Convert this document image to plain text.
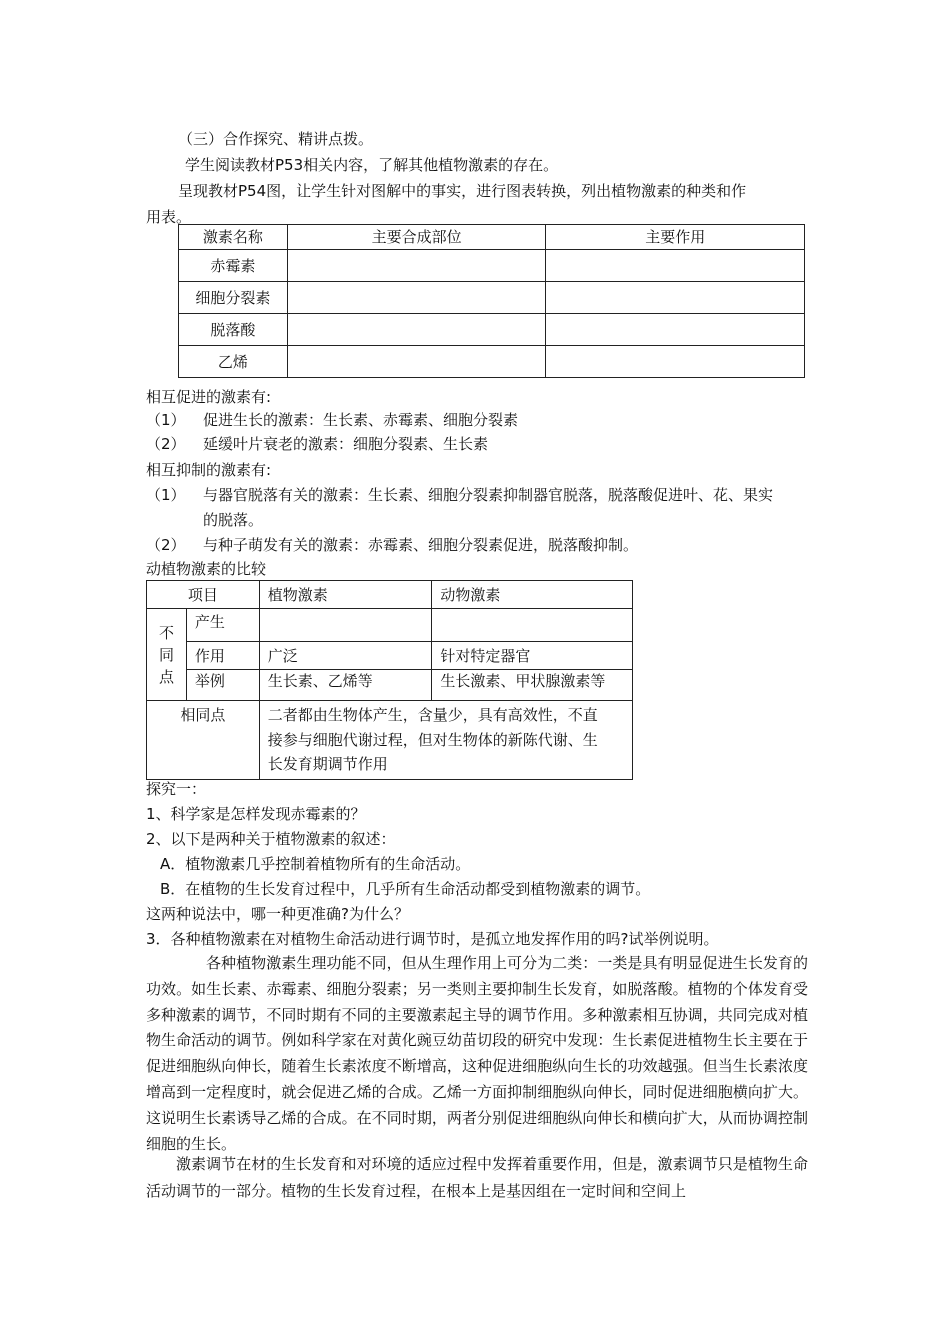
（三）合作探究、精讲点拨。
学生阅读教材P53相关内容，了解其他植物激素的存在。
呈现教材P54图，让学生针对图解中的事实，进行图表转换，列出植物激素的种类和作
用表。
激素名称	主要合成部位	主要作用
赤霉素		
细胞分裂素		
脱落酸		
乙烯		
相互促进的激素有:
（1） 促进生长的激素：生长素、赤霉素、细胞分裂素
（2） 延缓叶片衰老的激素：细胞分裂素、生长素
相互抑制的激素有:
（1） 与器官脱落有关的激素：生长素、细胞分裂素抑制器官脱落，脱落酸促进叶、花、果实
的脱落。
（2） 与种子萌发有关的激素：赤霉素、细胞分裂素促进，脱落酸抑制。
动植物激素的比较
项目		植物激素	动物激素

不
同
点	产生		
	作用	广泛	针对特定器官
	举例	生长素、乙烯等	生长激素、甲状腺激素等
相同点		二者都由生物体产生，含量少，具有高效性，不直
接参与细胞代谢过程，但对生物体的新陈代谢、生
长发育期调节作用	
探究一：
1、科学家是怎样发现赤霉素的？
2、以下是两种关于植物激素的叙述：
A．植物激素几乎控制着植物所有的生命活动。
B．在植物的生长发育过程中，几乎所有生命活动都受到植物激素的调节。
这两种说法中，哪一种更准确?为什么？
3．各种植物激素在对植物生命活动进行调节时，是孤立地发挥作用的吗?试举例说明。
各种植物激素生理功能不同，但从生理作用上可分为二类：一类是具有明显促进生长发育的功效。如生长素、赤霉素、细胞分裂素；另一类则主要抑制生长发育，如脱落酸。植物的个体发育受多种激素的调节，不同时期有不同的主要激素起主导的调节作用。多种激素相互协调，共同完成对植物生命活动的调节。例如科学家在对黄化豌豆幼苗切段的研究中发现：生长素促进植物生长主要在于促进细胞纵向伸长，随着生长素浓度不断增高，这种促进细胞纵向生长的功效越强。但当生长素浓度增高到一定程度时，就会促进乙烯的合成。乙烯一方面抑制细胞纵向伸长，同时促进细胞横向扩大。这说明生长素诱导乙烯的合成。在不同时期，两者分别促进细胞纵向伸长和横向扩大，从而协调控制细胞的生长。
激素调节在材的生长发育和对环境的适应过程中发挥着重要作用，但是，激素调节只是植物生命活动调节的一部分。植物的生长发育过程，在根本上是基因组在一定时间和空间上
